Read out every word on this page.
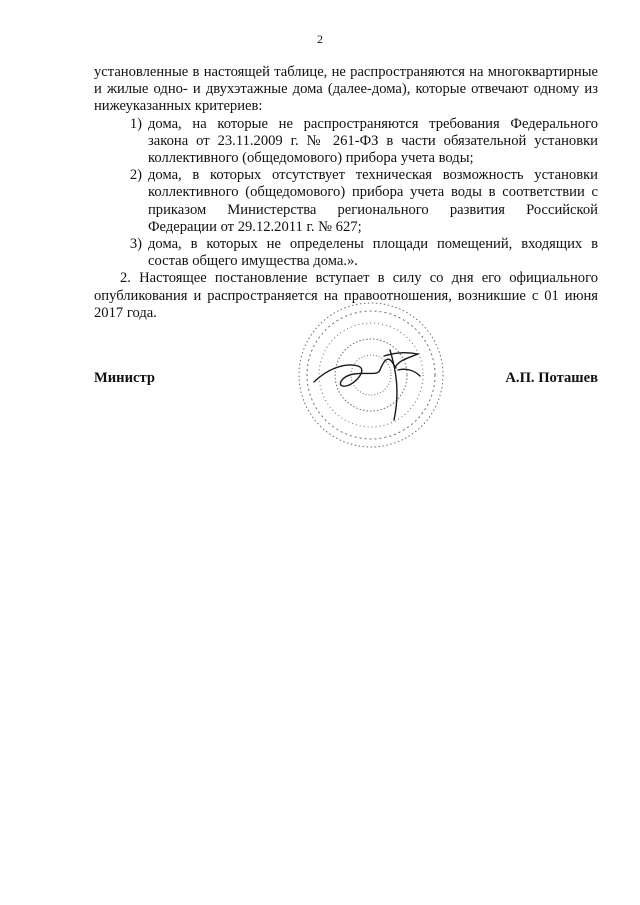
2

установленные в настоящей таблице, не распространяются на многоквартирные и жилые одно- и двухэтажные дома (далее-дома), которые отвечают одному из нижеуказанных критериев:

1) дома, на которые не распространяются требования Федерального закона от 23.11.2009 г. № 261-ФЗ в части обязательной установки коллективного (общедомового) прибора учета воды;
2) дома, в которых отсутствует техническая возможность установки коллективного (общедомового) прибора учета воды в соответствии с приказом Министерства регионального развития Российской Федерации от 29.12.2011 г. № 627;
3) дома, в которых не определены площади помещений, входящих в состав общего имущества дома.».

2. Настоящее постановление вступает в силу со дня его официального опубликования и распространяется на правоотношения, возникшие с 01 июня 2017 года.

Министр	А.П. Поташев
